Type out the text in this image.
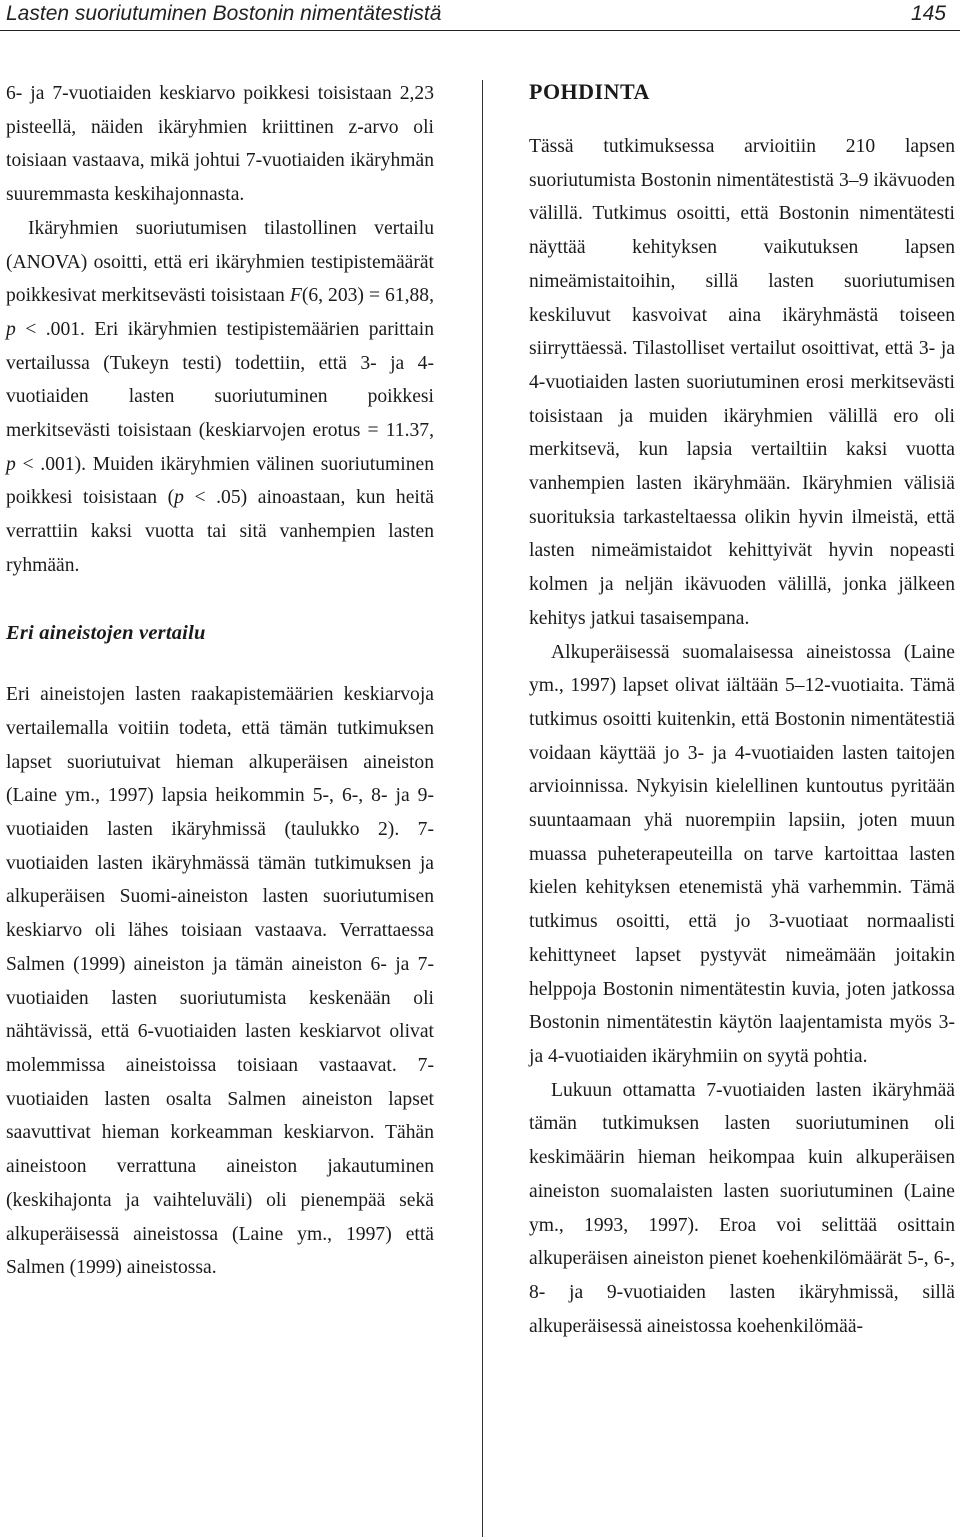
Lasten suoriutuminen Bostonin nimentätestistä	145

6- ja 7-vuotiaiden keskiarvo poikkesi toisistaan 2,23 pisteellä, näiden ikäryhmien kriittinen z-arvo oli toisiaan vastaava, mikä johtui 7-vuotiaiden ikäryhmän suuremmasta keskihajonnasta.

Ikäryhmien suoriutumisen tilastollinen vertailu (ANOVA) osoitti, että eri ikäryhmien testipistemäärät poikkesivat merkitsevästi toisistaan F(6, 203) = 61,88, p < .001. Eri ikäryhmien testipistemäärien parittain vertailussa (Tukeyn testi) todettiin, että 3- ja 4-vuotiaiden lasten suoriutuminen poikkesi merkitsevästi toisistaan (keskiarvojen erotus = 11.37, p < .001). Muiden ikäryhmien välinen suoriutuminen poikkesi toisistaan (p < .05) ainoastaan, kun heitä verrattiin kaksi vuotta tai sitä vanhempien lasten ryhmään.

Eri aineistojen vertailu

Eri aineistojen lasten raakapistemäärien keskiarvoja vertailemalla voitiin todeta, että tämän tutkimuksen lapset suoriutuivat hieman alkuperäisen aineiston (Laine ym., 1997) lapsia heikommin 5-, 6-, 8- ja 9-vuotiaiden lasten ikäryhmissä (taulukko 2). 7-vuotiaiden lasten ikäryhmässä tämän tutkimuksen ja alkuperäisen Suomi-aineiston lasten suoriutumisen keskiarvo oli lähes toisiaan vastaava. Verrattaessa Salmen (1999) aineiston ja tämän aineiston 6- ja 7-vuotiaiden lasten suoriutumista keskenään oli nähtävissä, että 6-vuotiaiden lasten keskiarvot olivat molemmissa aineistoissa toisiaan vastaavat. 7-vuotiaiden lasten osalta Salmen aineiston lapset saavuttivat hieman korkeamman keskiarvon. Tähän aineistoon verrattuna aineiston jakautuminen (keskihajonta ja vaihteluväli) oli pienempää sekä alkuperäisessä aineistossa (Laine ym., 1997) että Salmen (1999) aineistossa.

POHDINTA

Tässä tutkimuksessa arvioitiin 210 lapsen suoriutumista Bostonin nimentätestistä 3–9 ikävuoden välillä. Tutkimus osoitti, että Bostonin nimentätesti näyttää kehityksen vaikutuksen lapsen nimeämistaitoihin, sillä lasten suoriutumisen keskiluvut kasvoivat aina ikäryhmästä toiseen siirryttäessä. Tilastolliset vertailut osoittivat, että 3- ja 4-vuotiaiden lasten suoriutuminen erosi merkitsevästi toisistaan ja muiden ikäryhmien välillä ero oli merkitsevä, kun lapsia vertailtiin kaksi vuotta vanhempien lasten ikäryhmään. Ikäryhmien välisiä suorituksia tarkasteltaessa olikin hyvin ilmeistä, että lasten nimeämistaidot kehittyivät hyvin nopeasti kolmen ja neljän ikävuoden välillä, jonka jälkeen kehitys jatkui tasaisempana.

Alkuperäisessä suomalaisessa aineistossa (Laine ym., 1997) lapset olivat iältään 5–12-vuotiaita. Tämä tutkimus osoitti kuitenkin, että Bostonin nimentätestiä voidaan käyttää jo 3- ja 4-vuotiaiden lasten taitojen arvioinnissa. Nykyisin kielellinen kuntoutus pyritään suuntaamaan yhä nuorempiin lapsiin, joten muun muassa puheterapeuteilla on tarve kartoittaa lasten kielen kehityksen etenemistä yhä varhemmin. Tämä tutkimus osoitti, että jo 3-vuotiaat normaalisti kehittyneet lapset pystyvät nimeämään joitakin helppoja Bostonin nimentätestin kuvia, joten jatkossa Bostonin nimentätestin käytön laajentamista myös 3- ja 4-vuotiaiden ikäryhmiin on syytä pohtia.

Lukuun ottamatta 7-vuotiaiden lasten ikäryhmää tämän tutkimuksen lasten suoriutuminen oli keskimäärin hieman heikompaa kuin alkuperäisen aineiston suomalaisten lasten suoriutuminen (Laine ym., 1993, 1997). Eroa voi selittää osittain alkuperäisen aineiston pienet koehenkilömäärät 5-, 6-, 8- ja 9-vuotiaiden lasten ikäryhmissä, sillä alkuperäisessä aineistossa koehenkilömää-
